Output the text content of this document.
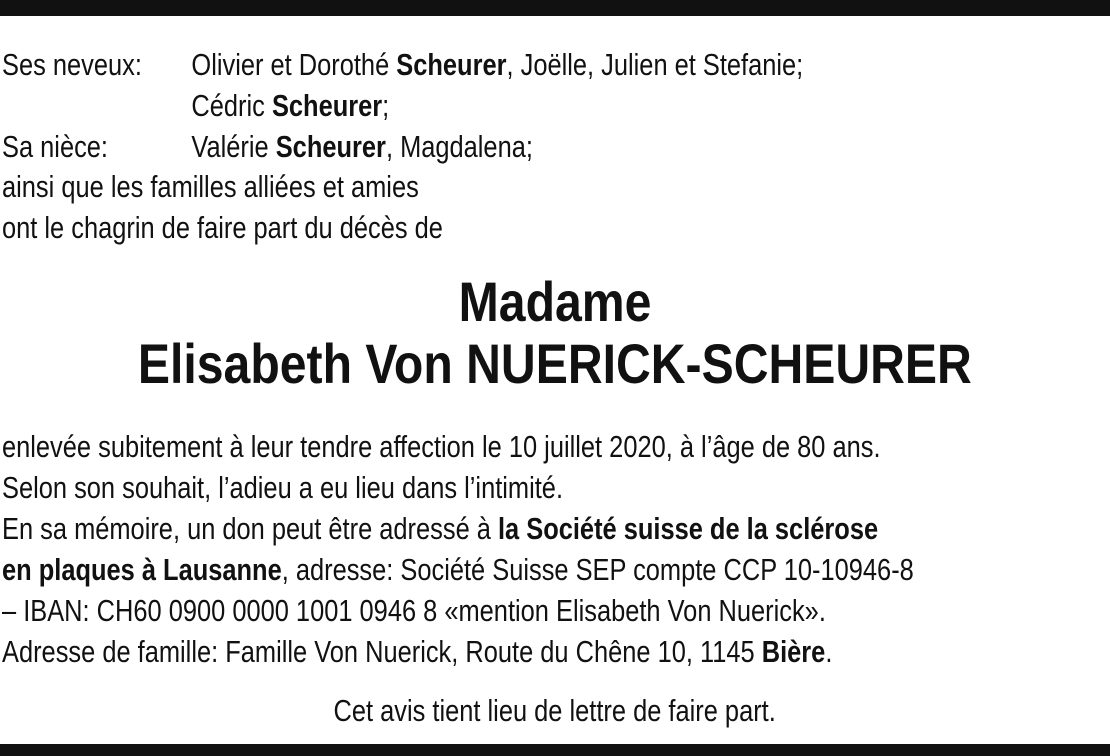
Ses neveux:	Olivier et Dorothé Scheurer, Joëlle, Julien et Stefanie;
Cédric Scheurer;
Sa nièce:	Valérie Scheurer, Magdalena;
ainsi que les familles alliées et amies
ont le chagrin de faire part du décès de
Madame
Elisabeth Von NUERICK-SCHEURER
enlevée subitement à leur tendre affection le 10 juillet 2020, à l’âge de 80 ans.
Selon son souhait, l’adieu a eu lieu dans l’intimité.
En sa mémoire, un don peut être adressé à la Société suisse de la sclérose
en plaques à Lausanne, adresse: Société Suisse SEP compte CCP 10-10946-8
– IBAN: CH60 0900 0000 1001 0946 8 «mention Elisabeth Von Nuerick».
Adresse de famille: Famille Von Nuerick, Route du Chêne 10, 1145 Bière.
Cet avis tient lieu de lettre de faire part.
